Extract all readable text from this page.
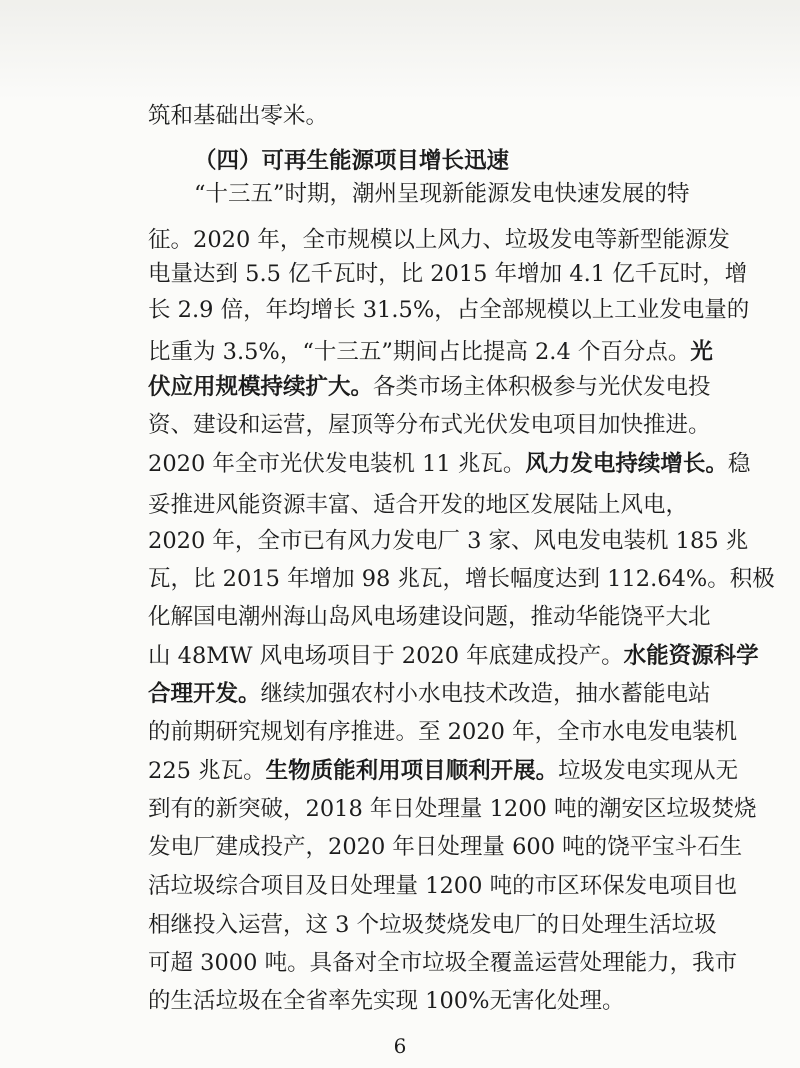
筑和基础出零米。
（四）可再生能源项目增长迅速
“十三五”时期，潮州呈现新能源发电快速发展的特
征。2020 年，全市规模以上风力、垃圾发电等新型能源发
电量达到 5.5 亿千瓦时，比 2015 年增加 4.1 亿千瓦时，增
长 2.9 倍，年均增长 31.5%，占全部规模以上工业发电量的
比重为 3.5%，“十三五”期间占比提高 2.4 个百分点。光
伏应用规模持续扩大。各类市场主体积极参与光伏发电投
资、建设和运营，屋顶等分布式光伏发电项目加快推进。
2020 年全市光伏发电装机 11 兆瓦。风力发电持续增长。稳
妥推进风能资源丰富、适合开发的地区发展陆上风电，
2020 年，全市已有风力发电厂 3 家、风电发电装机 185 兆
瓦，比 2015 年增加 98 兆瓦，增长幅度达到 112.64%。积极
化解国电潮州海山岛风电场建设问题，推动华能饶平大北
山 48MW 风电场项目于 2020 年底建成投产。水能资源科学
合理开发。继续加强农村小水电技术改造，抽水蓄能电站
的前期研究规划有序推进。至 2020 年，全市水电发电装机
225 兆瓦。生物质能利用项目顺利开展。垃圾发电实现从无
到有的新突破，2018 年日处理量 1200 吨的潮安区垃圾焚烧
发电厂建成投产，2020 年日处理量 600 吨的饶平宝斗石生
活垃圾综合项目及日处理量 1200 吨的市区环保发电项目也
相继投入运营，这 3 个垃圾焚烧发电厂的日处理生活垃圾
可超 3000 吨。具备对全市垃圾全覆盖运营处理能力，我市
的生活垃圾在全省率先实现 100%无害化处理。
6
